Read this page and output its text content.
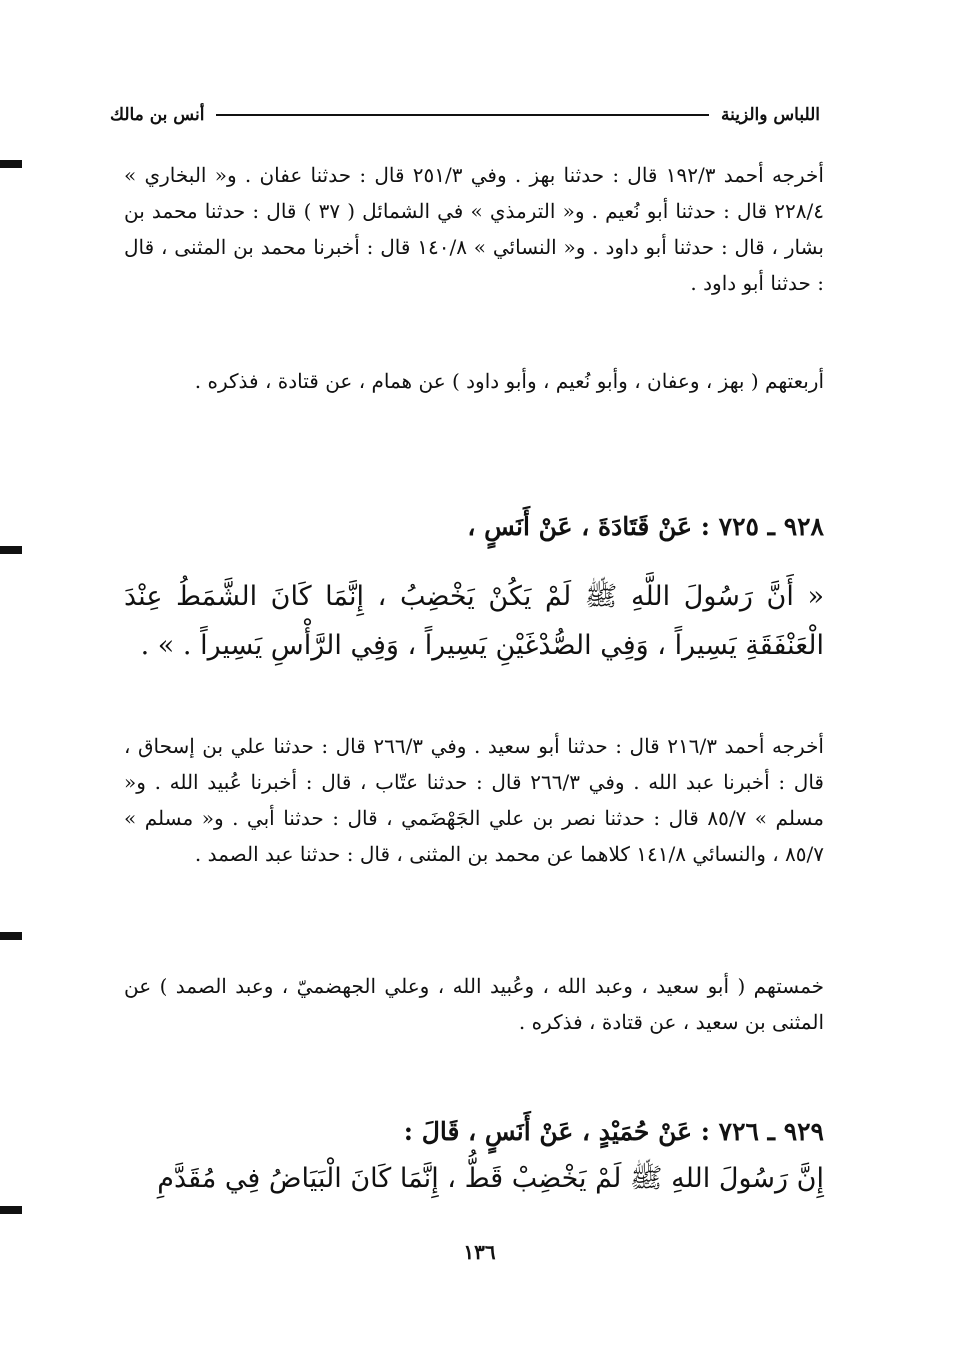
اللباس والزينة
أنس بن مالك
أخرجه أحمد ١٩٢/٣ قال : حدثنا بهز . وفي ٢٥١/٣ قال : حدثنا عفان . و« البخاري » ٢٢٨/٤ قال : حدثنا أبو نُعيم . و« الترمذي » في الشمائل ( ٣٧ ) قال : حدثنا محمد بن بشار ، قال : حدثنا أبو داود . و« النسائي » ١٤٠/٨ قال : أخبرنا محمد بن المثنى ، قال : حدثنا أبو داود .
أربعتهم ( بهز ، وعفان ، وأبو نُعيم ، وأبو داود ) عن همام ، عن قتادة ، فذكره .
٩٢٨ ـ ٧٢٥ : عَنْ قَتَادَةَ ، عَنْ أَنَسٍ ،
« أَنَّ رَسُولَ اللَّهِ ﷺ لَمْ يَكُنْ يَخْضِبُ ، إِنَّمَا كَانَ الشَّمَطُ عِنْدَ الْعَنْفَقَةِ يَسِيراً ، وَفِي الصُّدْغَيْنِ يَسِيراً ، وَفِي الرَّأْسِ يَسِيراً . » .
أخرجه أحمد ٢١٦/٣ قال : حدثنا أبو سعيد . وفي ٢٦٦/٣ قال : حدثنا علي بن إسحاق ، قال : أخبرنا عبد الله . وفي ٢٦٦/٣ قال : حدثنا عتّاب ، قال : أخبرنا عُبيد الله . و« مسلم » ٨٥/٧ قال : حدثنا نصر بن علي الجَهْضَمي ، قال : حدثنا أبي . و« مسلم » ٨٥/٧ ، والنسائي ١٤١/٨ كلاهما عن محمد بن المثنى ، قال : حدثنا عبد الصمد .
خمستهم ( أبو سعيد ، وعبد الله ، وعُبيد الله ، وعلي الجهضميّ ، وعبد الصمد ) عن المثنى بن سعيد ، عن قتادة ، فذكره .
٩٢٩ ـ ٧٢٦ : عَنْ حُمَيْدٍ ، عَنْ أَنَسٍ ، قَالَ :
إِنَّ رَسُولَ اللهِ ﷺ لَمْ يَخْضِبْ قَطُّ ، إِنَّمَا كَانَ الْبَيَاضُ فِي مُقَدَّمِ
١٣٦
